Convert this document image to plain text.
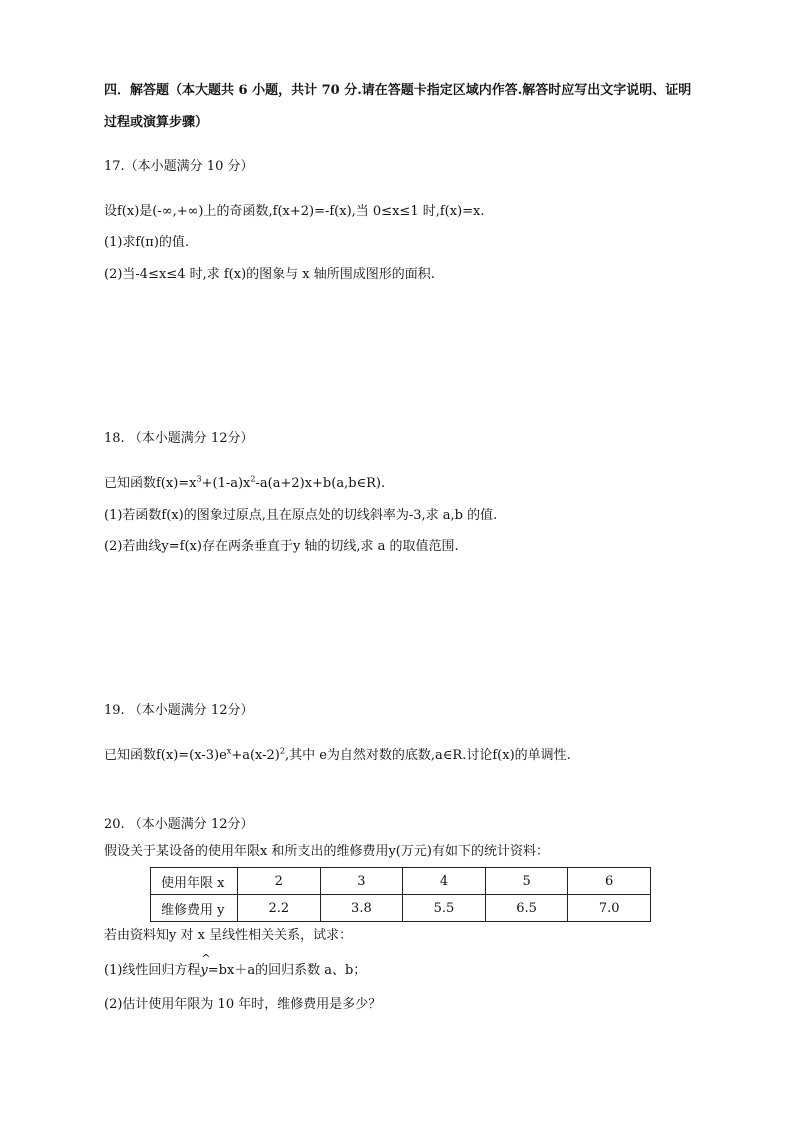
四．解答题（本大题共 6 小题，共计 70 分.请在答题卡指定区域内作答.解答时应写出文字说明、证明
过程或演算步骤）
17.（本小题满分 10 分）
设f(x)是(-∞,+∞)上的奇函数,f(x+2)=-f(x),当 0≤x≤1 时,f(x)=x.
(1)求f(π)的值.
(2)当-4≤x≤4 时,求 f(x)的图象与 x 轴所围成图形的面积.
18. （本小题满分 12分）
已知函数$f(x)=x^3+(1-a)x^2-a(a+2)x+b(a,b\in R)$.
(1)若函数f(x)的图象过原点,且在原点处的切线斜率为-3,求 a,b 的值.
(2)若曲线y=f(x)存在两条垂直于y 轴的切线,求 a 的取值范围.
19. （本小题满分 12分）
已知函数$f(x)=(x-3)e^x+a(x-2)^2$,其中 e为自然对数的底数,a∈R.讨论f(x)的单调性.
20. （本小题满分 12分）
假设关于某设备的使用年限x 和所支出的维修费用y(万元)有如下的统计资料：
使用年限 x	2	3	4	5	6
维修费用 y	2.2	3.8	5.5	6.5	7.0
若由资料知y 对 x 呈线性相关关系，试求：
(1)线性回归方程^ y=bx＋a的回归系数 a、b；
(2)估计使用年限为 10 年时，维修费用是多少？
